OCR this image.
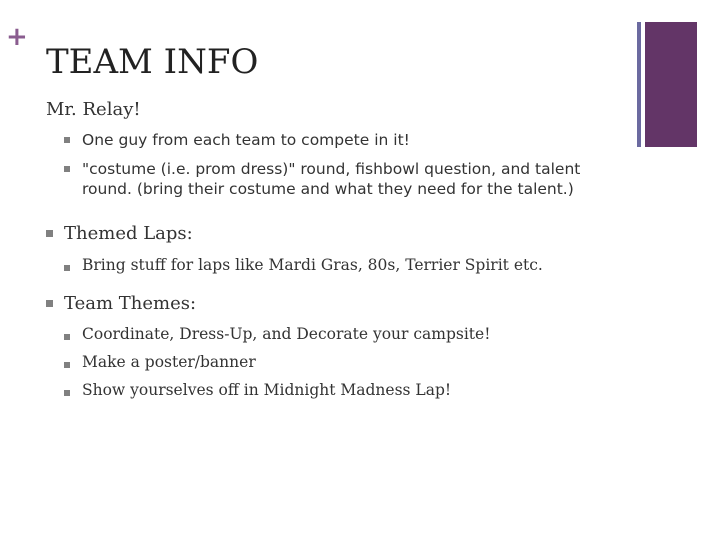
+
TEAM INFO
Mr. Relay!
One guy from each team to compete in it!
"costume (i.e. prom dress)" round, fishbowl question, and talent round. (bring their costume and what they need for the talent.)
Themed Laps:
Bring stuff for laps like Mardi Gras, 80s, Terrier Spirit etc.
Team Themes:
Coordinate, Dress-Up, and Decorate your campsite!
Make a poster/banner
Show yourselves off in Midnight Madness Lap!
